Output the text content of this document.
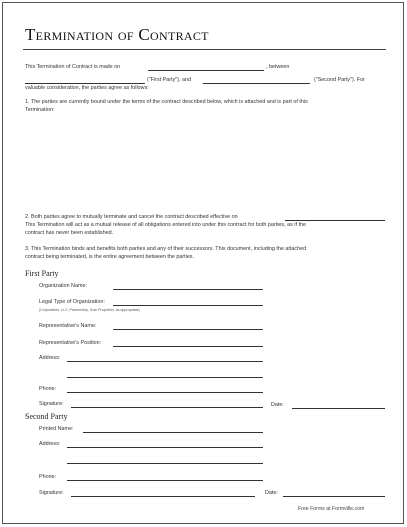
Termination of Contract
This Termination of Contract is made on	, between
("First Party"), and	("Second Party"). For
valuable consideration, the parties agree as follows:
1. The parties are currently bound under the terms of the contract described below, which is attached and is part of this
Termination:
2. Both parties agree to mutually terminate and cancel the contract described effective on
This Termination will act as a mutual release of all obligations entered into under this contract for both parties, as if the
contract has never been established.
3. This Termination binds and benefits both parties and any of their successors. This document, including the attached
contract being terminated, is the entire agreement between the parties.
First Party
Organization Name:
Legal Type of Organization:
(Corporation, LLC, Partnership, Sole Proprietor, as appropriate)
Representative's Name:
Representative's Position:
Address:
Phone:
Signature:	Date:
Second Party
Printed Name:
Address:
Phone:
Signature:	Date:
Free Forms at Formville.com
